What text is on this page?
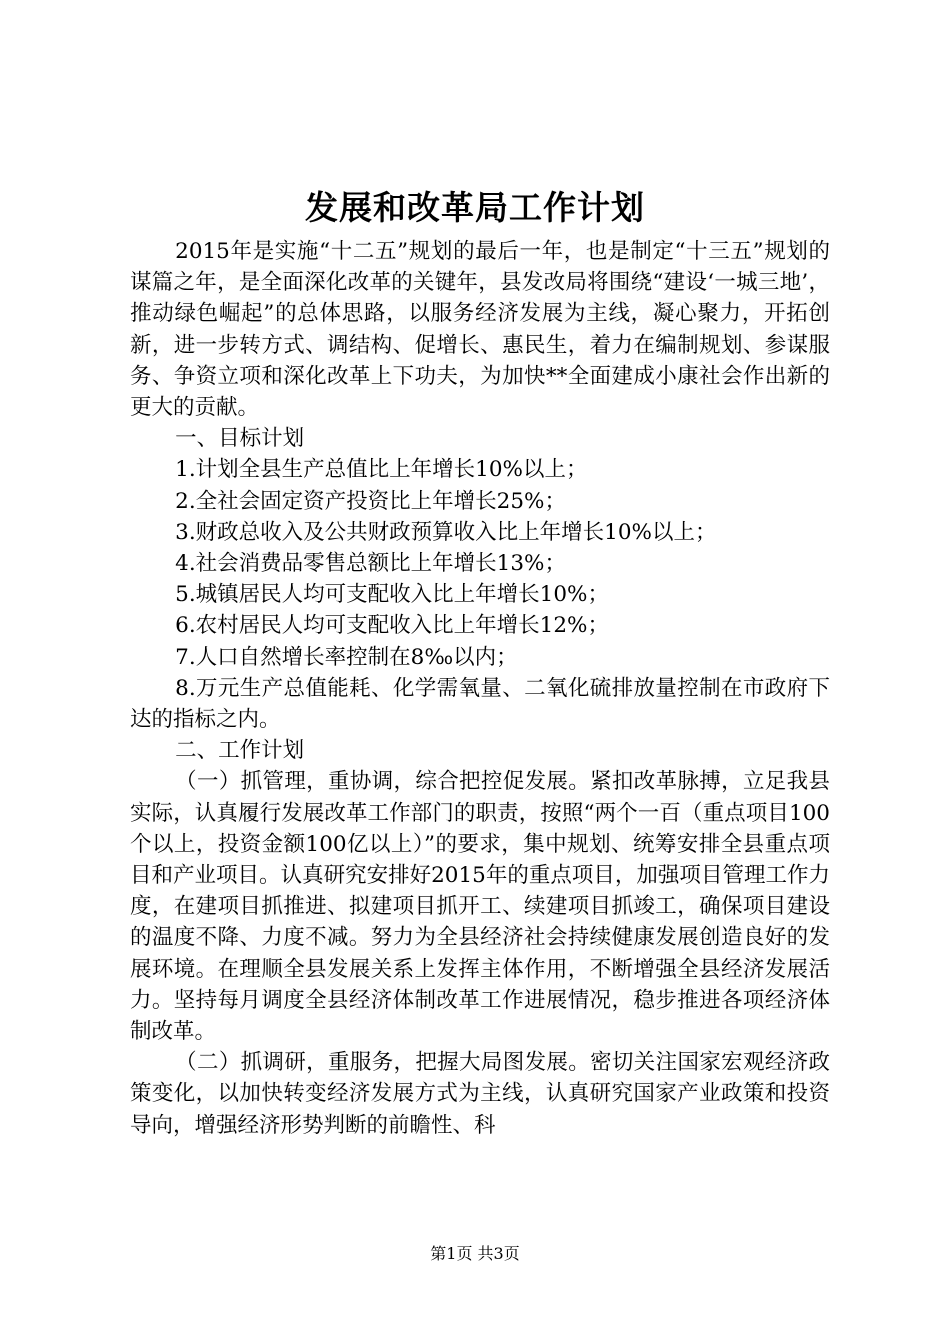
发展和改革局工作计划

2015年是实施“十二五”规划的最后一年，也是制定“十三五”规划的谋篇之年，是全面深化改革的关键年，县发改局将围绕“建设‘一城三地’，推动绿色崛起”的总体思路，以服务经济发展为主线，凝心聚力，开拓创新，进一步转方式、调结构、促增长、惠民生，着力在编制规划、参谋服务、争资立项和深化改革上下功夫，为加快**全面建成小康社会作出新的更大的贡献。

一、目标计划

1.计划全县生产总值比上年增长10%以上；

2.全社会固定资产投资比上年增长25%；

3.财政总收入及公共财政预算收入比上年增长10%以上；

4.社会消费品零售总额比上年增长13%；

5.城镇居民人均可支配收入比上年增长10%；

6.农村居民人均可支配收入比上年增长12%；

7.人口自然增长率控制在8‰以内；

8.万元生产总值能耗、化学需氧量、二氧化硫排放量控制在市政府下达的指标之内。

二、工作计划

（一）抓管理，重协调，综合把控促发展。紧扣改革脉搏，立足我县实际，认真履行发展改革工作部门的职责，按照“两个一百（重点项目100个以上，投资金额100亿以上）”的要求，集中规划、统筹安排全县重点项目和产业项目。认真研究安排好2015年的重点项目，加强项目管理工作力度，在建项目抓推进、拟建项目抓开工、续建项目抓竣工，确保项目建设的温度不降、力度不减。努力为全县经济社会持续健康发展创造良好的发展环境。在理顺全县发展关系上发挥主体作用，不断增强全县经济发展活力。坚持每月调度全县经济体制改革工作进展情况，稳步推进各项经济体制改革。

（二）抓调研，重服务，把握大局图发展。密切关注国家宏观经济政策变化，以加快转变经济发展方式为主线，认真研究国家产业政策和投资导向，增强经济形势判断的前瞻性、科

第1页 共3页
